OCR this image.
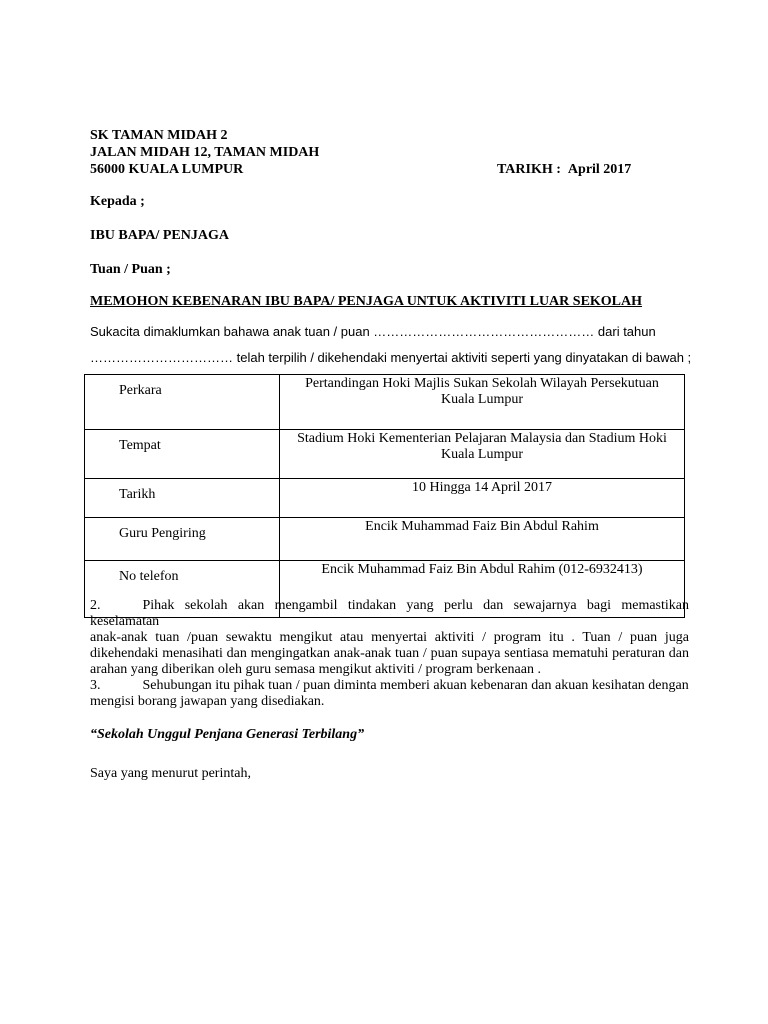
SK TAMAN MIDAH 2
JALAN MIDAH 12, TAMAN MIDAH
56000 KUALA LUMPUR	TARIKH : April 2017
Kepada ;
IBU BAPA/ PENJAGA
Tuan / Puan ;
MEMOHON KEBENARAN IBU BAPA/ PENJAGA UNTUK AKTIVITI LUAR SEKOLAH
Sukacita dimaklumkan bahawa anak tuan / puan …………………………………………… dari tahun
…………………………… telah terpilih / dikehendaki menyertai aktiviti seperti yang dinyatakan di bawah ;
Perkara	Pertandingan Hoki Majlis Sukan Sekolah Wilayah Persekutuan
Kuala Lumpur

Tempat	Stadium Hoki Kementerian Pelajaran Malaysia dan Stadium Hoki
Kuala Lumpur

Tarikh	10 Hingga 14 April 2017
Guru Pengiring	Encik Muhammad Faiz Bin Abdul Rahim
No telefon	Encik Muhammad Faiz Bin Abdul Rahim (012-6932413)
2.	Pihak sekolah akan mengambil tindakan yang perlu dan sewajarnya bagi memastikan keselamatan
anak-anak tuan /puan sewaktu mengikut atau menyertai aktiviti / program itu . Tuan / puan juga
dikehendaki menasihati dan mengingatkan anak-anak tuan / puan supaya sentiasa mematuhi peraturan dan
arahan yang diberikan oleh guru semasa mengikut aktiviti / program berkenaan .
3.	Sehubungan itu pihak tuan / puan diminta memberi akuan kebenaran dan akuan kesihatan dengan
mengisi borang jawapan yang disediakan.
“Sekolah Unggul Penjana Generasi Terbilang”
Saya yang menurut perintah,
